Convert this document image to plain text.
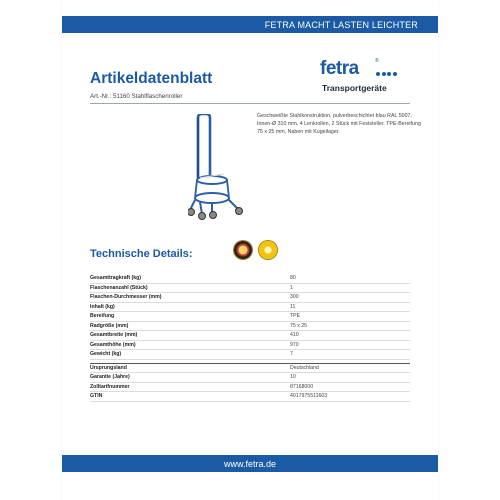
FETRA MACHT LASTEN LEICHTER
Artikeldatenblatt
Art.-Nr.: 51160 Stahlflaschenroller
fetra	®
Transportgeräte
Geschweißte Stahlkonstruktion, pulverbeschichtet blau RAL 5007. Innen-Ø 310 mm. 4 Lenkrollen, 2 Stück mit Feststeller. TPE-Bereifung 75 x 25 mm, Naben mit Kugellager.
Technische Details:
Gesamttragkraft (kg)	80
Flaschenanzahl (Stück)	1
Flaschen-Durchmesser (mm)	300
Inhalt (kg)	11
Bereifung	TPE
Radgröße (mm)	75 x 25
Gesamtbreite (mm)	410
Gesamthöhe (mm)	970
Gewicht (kg)	7
Ursprungsland	Deutschland
Garantie (Jahre)	10
Zolltarifnummer	87168000
GTIN	4017975511603
www.fetra.de
